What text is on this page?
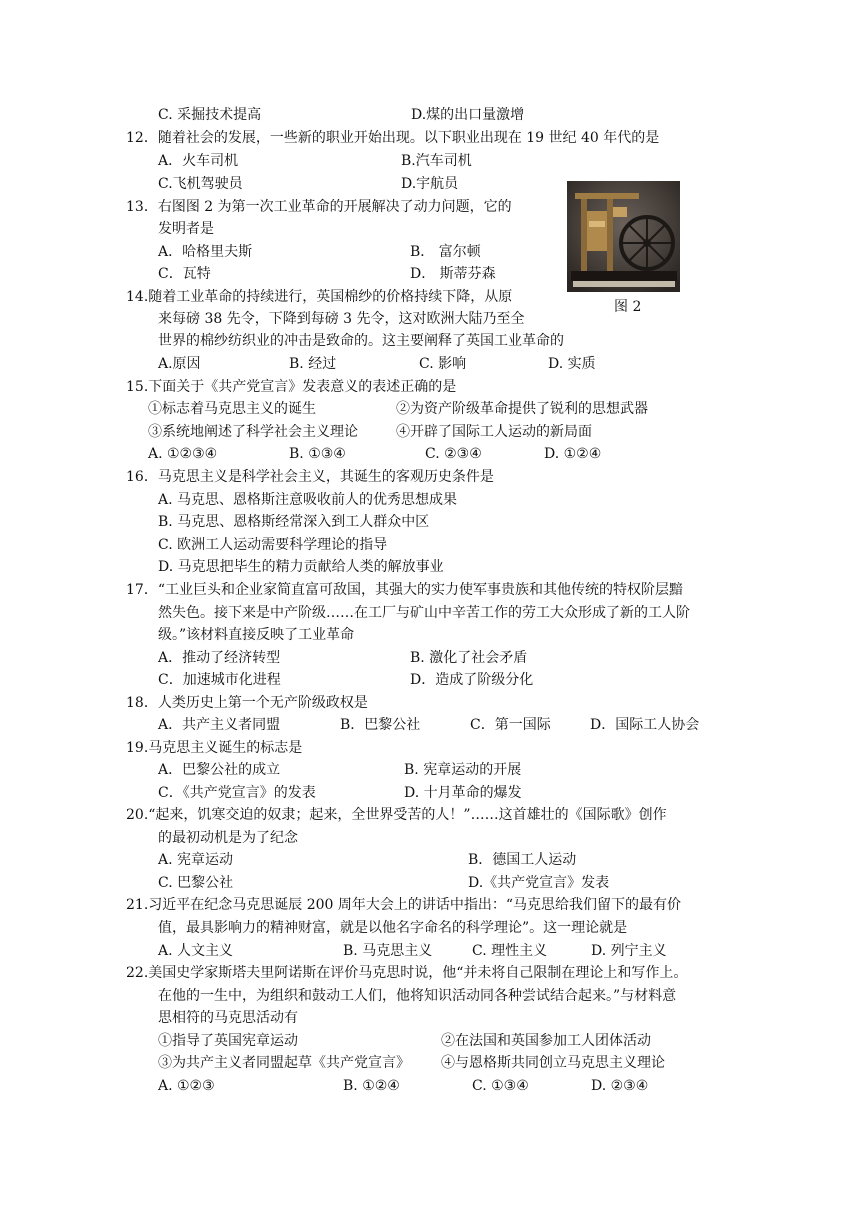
C. 采掘技术提高	D.煤的出口量激增
12．随着社会的发展，一些新的职业开始出现。以下职业出现在 19 世纪 40 年代的是
A．火车司机	B.汽车司机
C.飞机驾驶员	D.宇航员
13．右图图 2 为第一次工业革命的开展解决了动力问题，它的
发明者是
A．哈格里夫斯	B． 富尔顿
C．瓦特	D． 斯蒂芬森
图 2
14.随着工业革命的持续进行，英国棉纱的价格持续下降，从原
来每磅 38 先令，下降到每磅 3 先令，这对欧洲大陆乃至全
世界的棉纱纺织业的冲击是致命的。这主要阐释了英国工业革命的
A.原因	B. 经过	C. 影响	D. 实质
15.下面关于《共产党宣言》发表意义的表述正确的是
①标志着马克思主义的诞生	②为资产阶级革命提供了锐利的思想武器
③系统地阐述了科学社会主义理论	④开辟了国际工人运动的新局面
A. ①②③④	B. ①③④	C. ②③④	D. ①②④
16．马克思主义是科学社会主义，其诞生的客观历史条件是
A. 马克思、恩格斯注意吸收前人的优秀思想成果
B. 马克思、恩格斯经常深入到工人群众中区
C. 欧洲工人运动需要科学理论的指导
D. 马克思把毕生的精力贡献给人类的解放事业
17．“工业巨头和企业家简直富可敌国，其强大的实力使军事贵族和其他传统的特权阶层黯
然失色。接下来是中产阶级……在工厂与矿山中辛苦工作的劳工大众形成了新的工人阶
级。”该材料直接反映了工业革命
A．推动了经济转型	B. 激化了社会矛盾
C．加速城市化进程	D．造成了阶级分化
18．人类历史上第一个无产阶级政权是
A．共产主义者同盟	B．巴黎公社	C．第一国际	D．国际工人协会
19.马克思主义诞生的标志是
A．巴黎公社的成立	B. 宪章运动的开展
C．《共产党宣言》的发表	D. 十月革命的爆发
20.“起来，饥寒交迫的奴隶；起来，全世界受苦的人！”……这首雄壮的《国际歌》创作
的最初动机是为了纪念
A. 宪章运动	B．德国工人运动
C. 巴黎公社	D.《共产党宣言》发表
21.习近平在纪念马克思诞辰 200 周年大会上的讲话中指出：“马克思给我们留下的最有价
值，最具影响力的精神财富，就是以他名字命名的科学理论”。这一理论就是
A. 人文主义	B. 马克思主义	C. 理性主义	D. 列宁主义
22.美国史学家斯塔夫里阿诺斯在评价马克思时说，他“并未将自己限制在理论上和写作上。
在他的一生中，为组织和鼓动工人们，他将知识活动同各种尝试结合起来。”与材料意
思相符的马克思活动有
①指导了英国宪章运动	②在法国和英国参加工人团体活动
③为共产主义者同盟起草《共产党宣言》 ④与恩格斯共同创立马克思主义理论
A. ①②③	B. ①②④	C. ①③④	D. ②③④
